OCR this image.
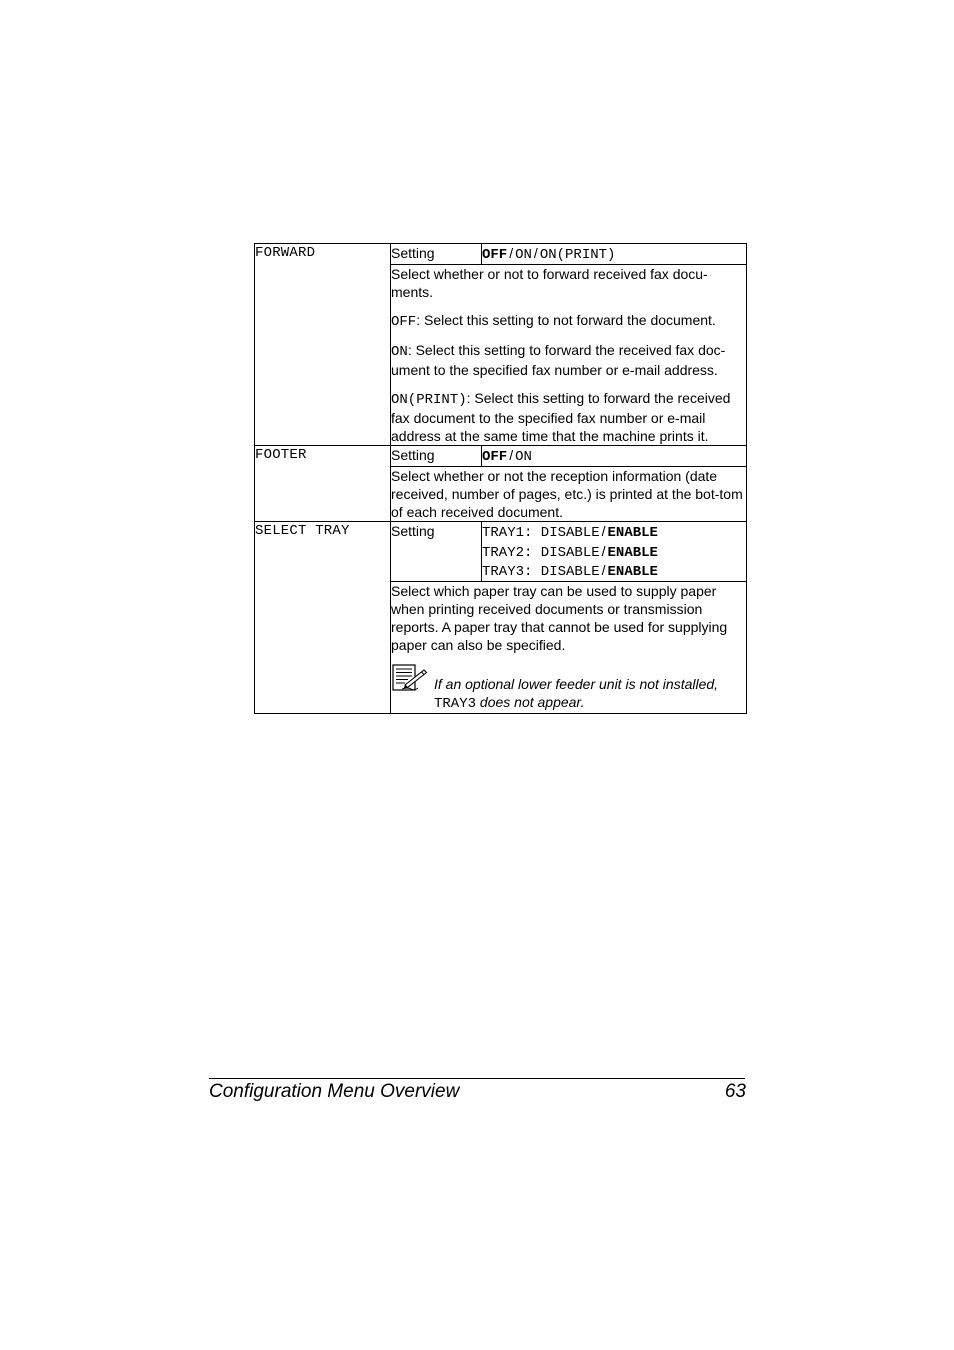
FORWARD	Setting	OFF / ON / ON(PRINT)

	Select whether or not to forward received fax docu-ments.

OFF: Select this setting to not forward the document.

ON: Select this setting to forward the received fax doc-ument to the specified fax number or e-mail address.

ON(PRINT): Select this setting to forward the received fax document to the specified fax number or e-mail address at the same time that the machine prints it.	

FOOTER	Setting	OFF / ON
	Select whether or not the reception information (date received, number of pages, etc.) is printed at the bot-tom of each received document.	
SELECT TRAY	Setting	TRAY1: DISABLE / ENABLE
TRAY2: DISABLE / ENABLE
TRAY3: DISABLE / ENABLE

	Select which paper tray can be used to supply paper when printing received documents or transmission reports. A paper tray that cannot be used for supplying paper can also be specified.

If an optional lower feeder unit is not installed,
TRAY3 does not appear.	
Configuration Menu Overview	63
